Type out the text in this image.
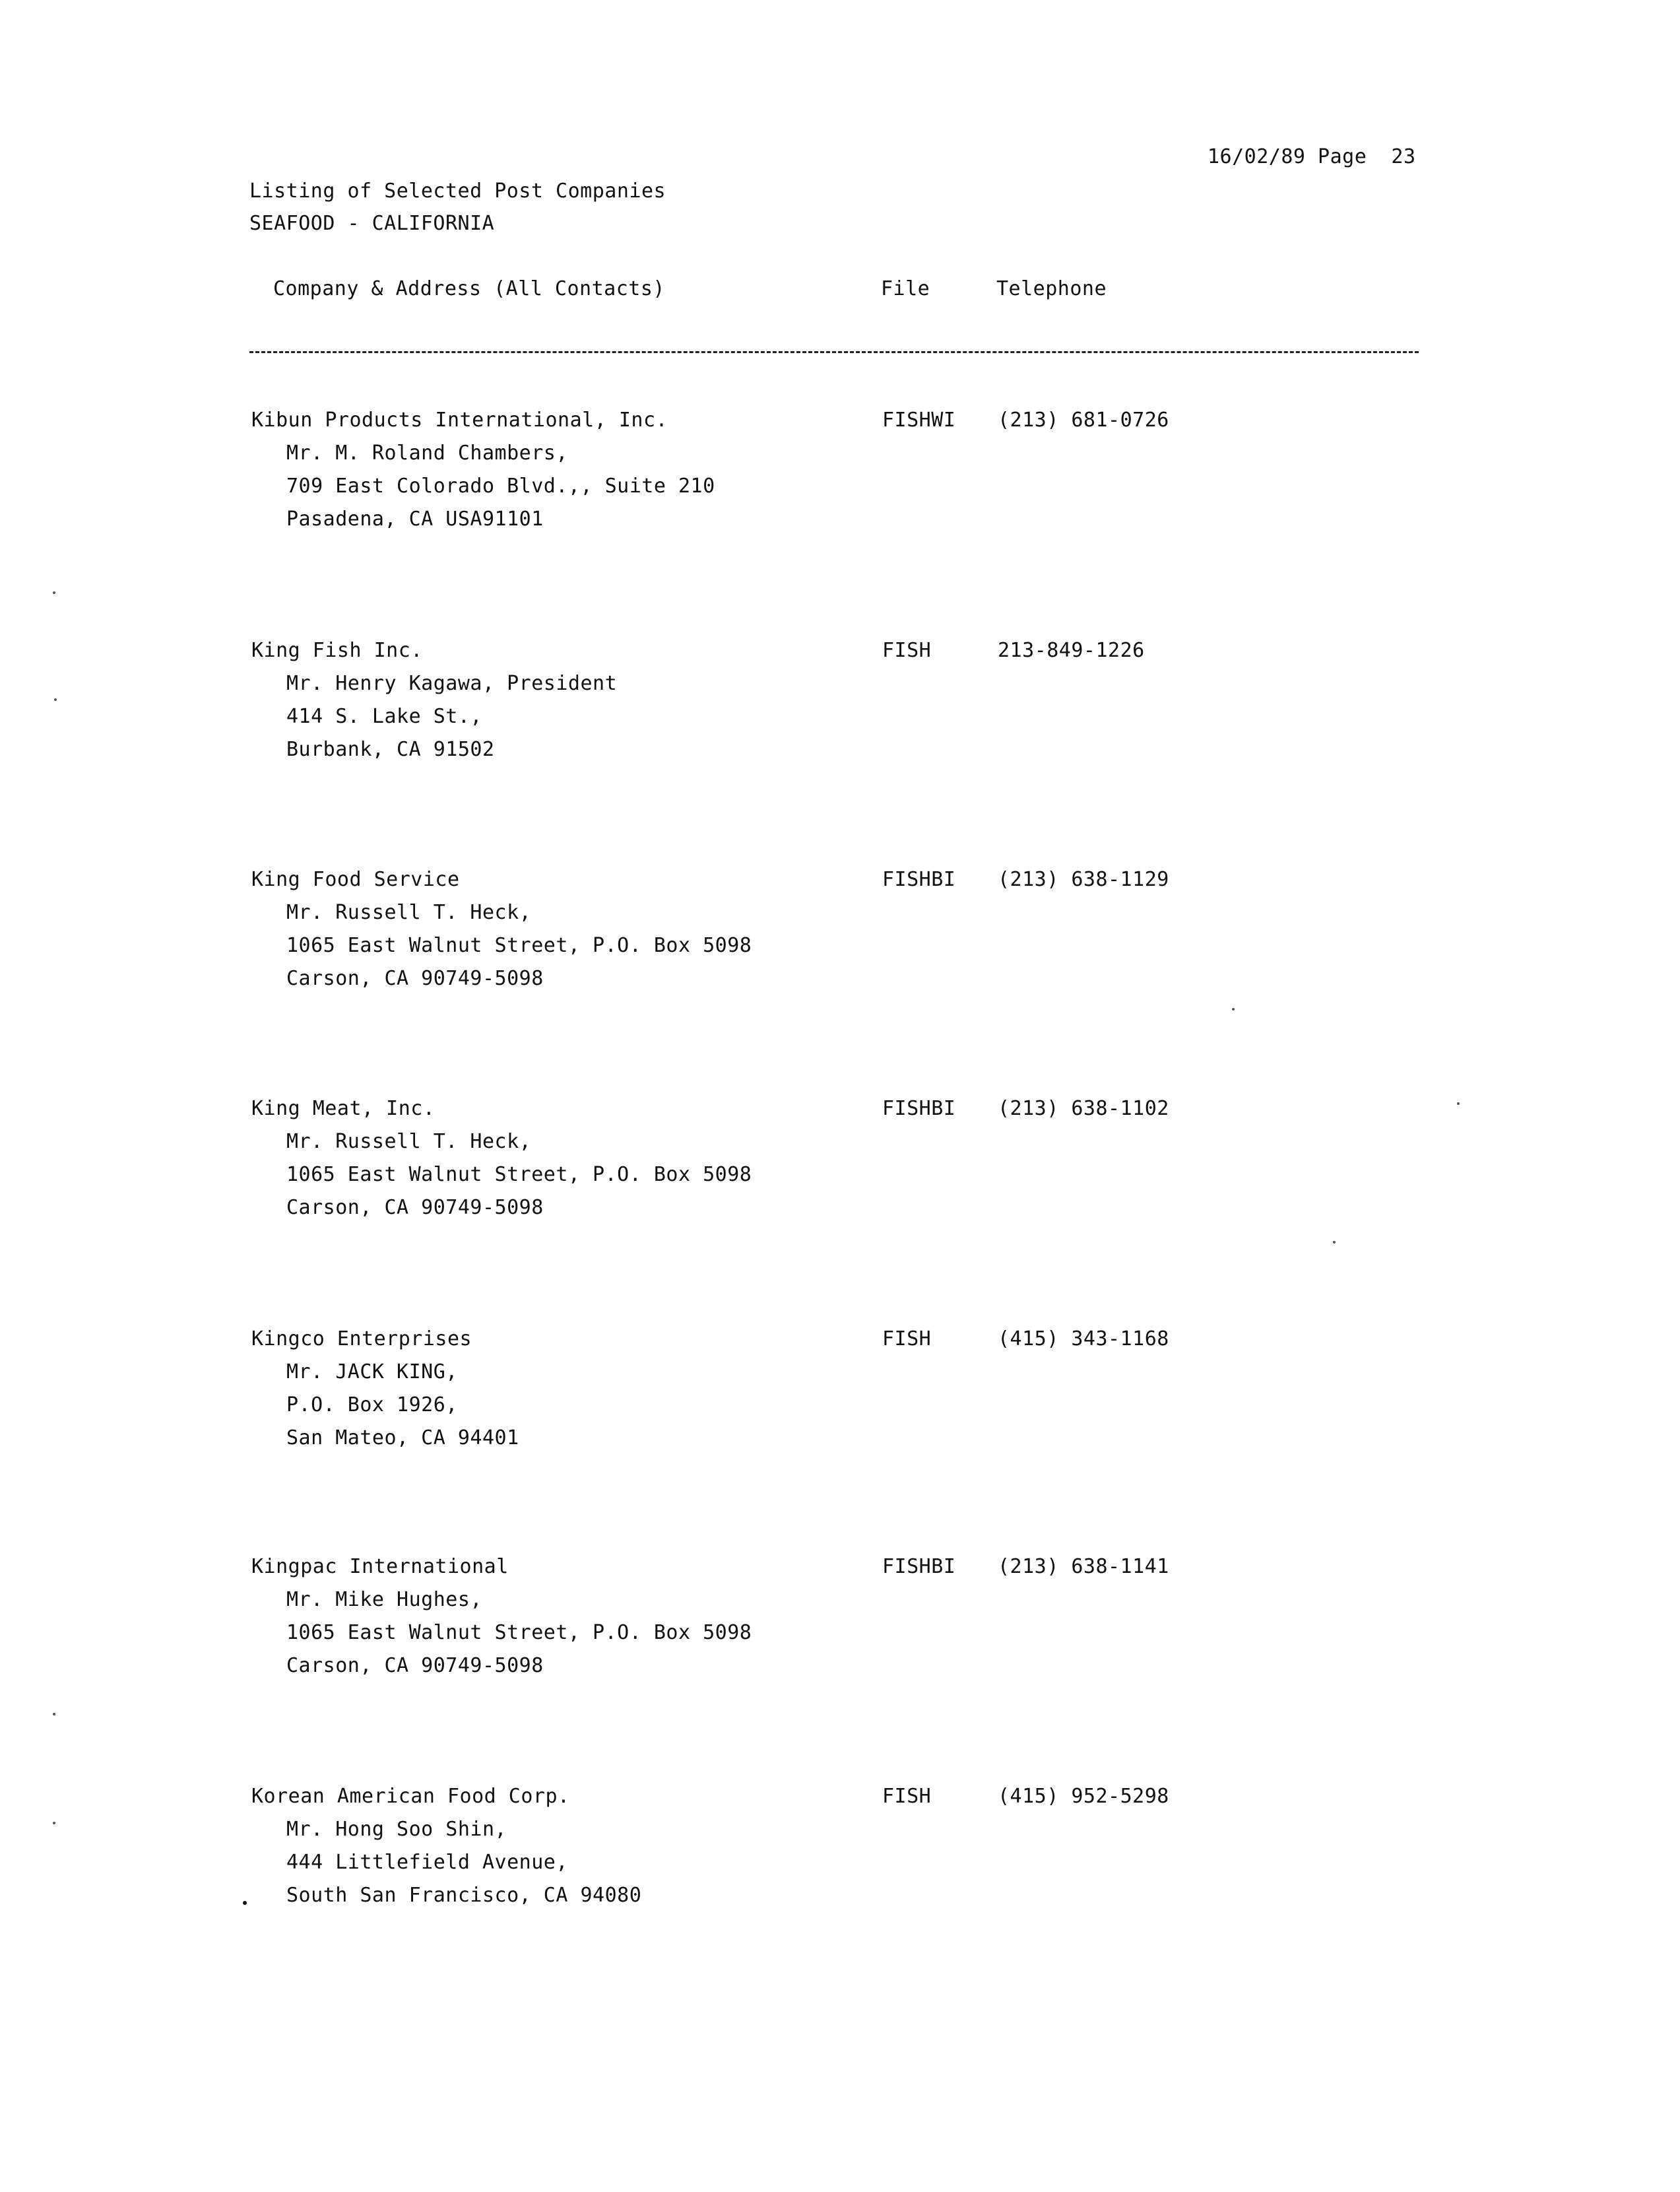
16/02/89 Page  23
Listing of Selected Post Companies
SEAFOOD - CALIFORNIA
Company & Address (All Contacts)	File	Telephone
Kibun Products International, Inc.	FISHWI (213) 681-0726
Mr. M. Roland Chambers,
709 East Colorado Blvd.,, Suite 210
Pasadena, CA USA91101
King Fish Inc.	FISH	213-849-1226
Mr. Henry Kagawa, President
414 S. Lake St.,
Burbank, CA 91502
King Food Service	FISHBI (213) 638-1129
Mr. Russell T. Heck,
1065 East Walnut Street, P.O. Box 5098
Carson, CA 90749-5098
King Meat, Inc.	FISHBI (213) 638-1102
Mr. Russell T. Heck,
1065 East Walnut Street, P.O. Box 5098
Carson, CA 90749-5098
Kingco Enterprises	FISH	(415) 343-1168
Mr. JACK KING,
P.O. Box 1926,
San Mateo, CA 94401
Kingpac International	FISHBI (213) 638-1141
Mr. Mike Hughes,
1065 East Walnut Street, P.O. Box 5098
Carson, CA 90749-5098
Korean American Food Corp.	FISH	(415) 952-5298
Mr. Hong Soo Shin,
444 Littlefield Avenue,
South San Francisco, CA 94080
